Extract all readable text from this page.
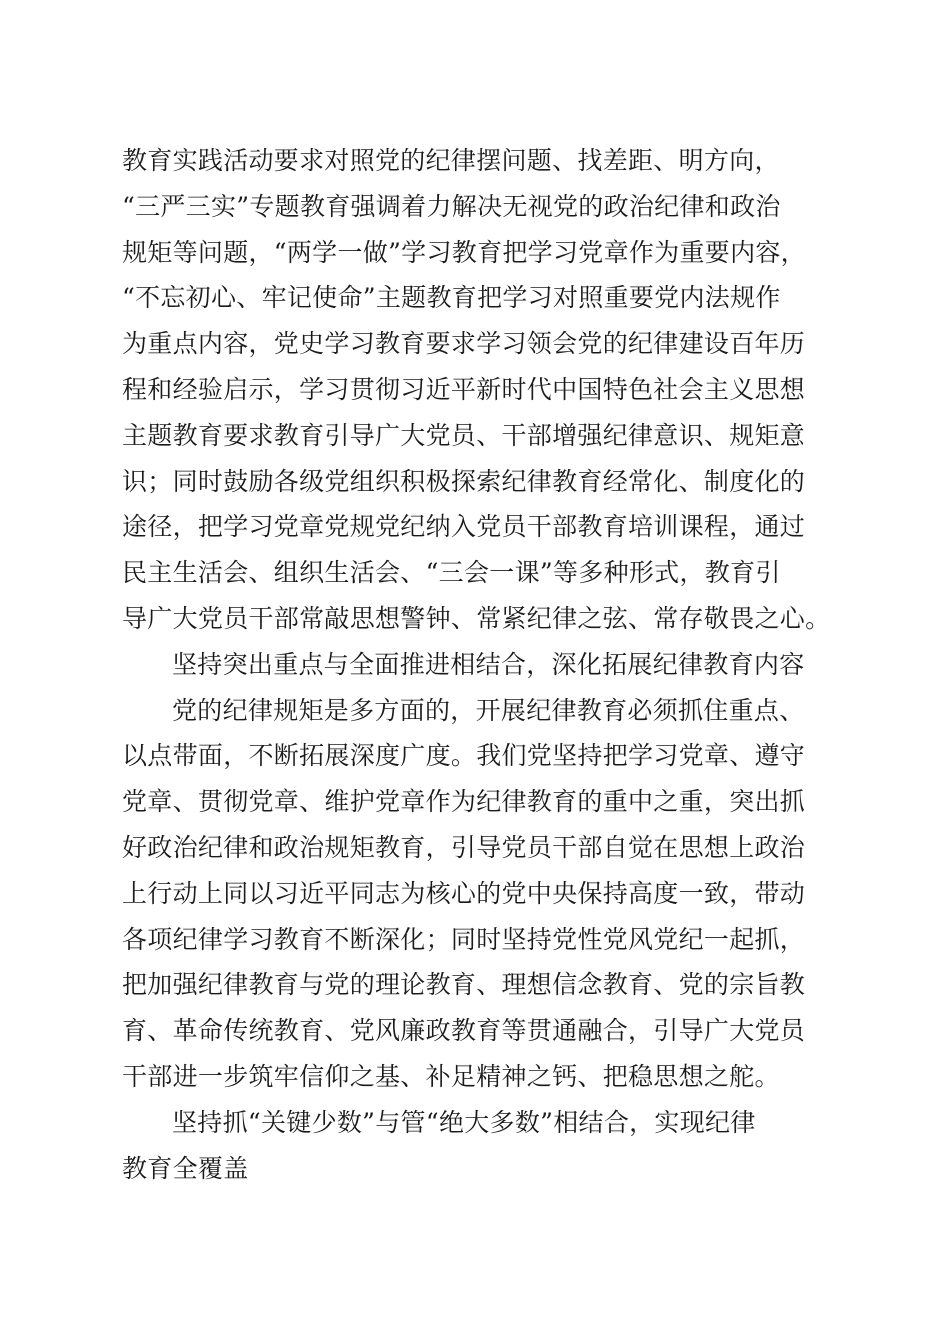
教育实践活动要求对照党的纪律摆问题、找差距、明方向，
“三严三实”专题教育强调着力解决无视党的政治纪律和政治
规矩等问题，“两学一做”学习教育把学习党章作为重要内容，
“不忘初心、牢记使命”主题教育把学习对照重要党内法规作
为重点内容，党史学习教育要求学习领会党的纪律建设百年历
程和经验启示，学习贯彻习近平新时代中国特色社会主义思想
主题教育要求教育引导广大党员、干部增强纪律意识、规矩意
识；同时鼓励各级党组织积极探索纪律教育经常化、制度化的
途径，把学习党章党规党纪纳入党员干部教育培训课程，通过
民主生活会、组织生活会、“三会一课”等多种形式，教育引
导广大党员干部常敲思想警钟、常紧纪律之弦、常存敬畏之心。
坚持突出重点与全面推进相结合，深化拓展纪律教育内容
党的纪律规矩是多方面的，开展纪律教育必须抓住重点、
以点带面，不断拓展深度广度。我们党坚持把学习党章、遵守
党章、贯彻党章、维护党章作为纪律教育的重中之重，突出抓
好政治纪律和政治规矩教育，引导党员干部自觉在思想上政治
上行动上同以习近平同志为核心的党中央保持高度一致，带动
各项纪律学习教育不断深化；同时坚持党性党风党纪一起抓，
把加强纪律教育与党的理论教育、理想信念教育、党的宗旨教
育、革命传统教育、党风廉政教育等贯通融合，引导广大党员
干部进一步筑牢信仰之基、补足精神之钙、把稳思想之舵。
坚持抓“关键少数”与管“绝大多数”相结合，实现纪律
教育全覆盖
